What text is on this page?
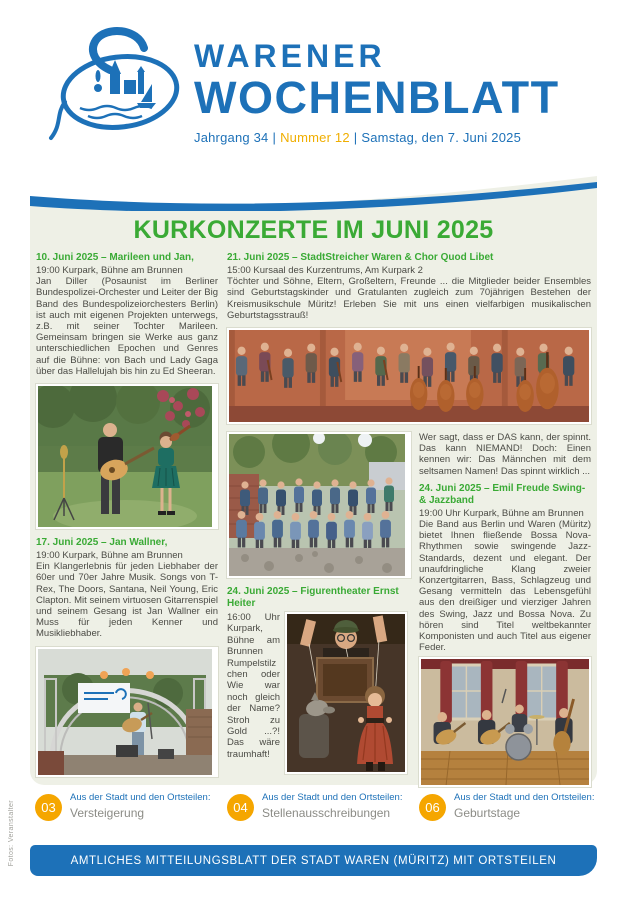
Fotos: Veranstalter
WARENER
WOCHENBLATT
Jahrgang 34 | Nummer 12 | Samstag, den 7. Juni 2025
KURKONZERTE IM JUNI 2025
10. Juni 2025 – Marileen und Jan,
19:00 Kurpark, Bühne am Brunnen
Jan Diller (Posaunist im Berliner Bundespolizei-Orchester und Leiter der Big Band des Bundespolizeiorchesters Berlin) ist auch mit eigenen Projekten unterwegs, z.B. mit seiner Tochter Marileen. Gemeinsam bringen sie Werke aus ganz unterschiedlichen Epochen und Genres auf die Bühne: von Bach und Lady Gaga über das Hallelujah bis hin zu Ed Sheeran.
17. Juni 2025 – Jan Wallner,
19:00 Kurpark, Bühne am Brunnen
Ein Klangerlebnis für jeden Liebhaber der 60er und 70er Jahre Musik. Songs von T-Rex, The Doors, Santana, Neil Young, Eric Clapton. Mit seinem virtuosen Gitarrenspiel und seinem Gesang ist Jan Wallner ein Muss für jeden Kenner und Musikliebhaber.
21. Juni 2025 – StadtStreicher Waren & Chor Quod Libet
15:00 Kursaal des Kurzentrums, Am Kurpark 2
Töchter und Söhne, Eltern, Großeltern, Freunde ... die Mitglieder beider Ensembles sind Geburtstagskinder und Gratulanten zugleich zum 70jährigen Bestehen der Kreismusikschule Müritz! Erleben Sie mit uns einen vielfarbigen musikalischen Geburtstagsstrauß!
24. Juni 2025 – Figurentheater Ernst Heiter
16:00 Uhr Kurpark, Bühne am Brunnen Rumpelstilzchen oder Wie war noch gleich der Name? Stroh zu Gold ...?! Das wäre traumhaft!
Wer sagt, dass er DAS kann, der spinnt. Das kann NIEMAND! Doch: Einen kennen wir: Das Männchen mit dem seltsamen Namen! Das spinnt wirklich ...
24. Juni 2025 – Emil Freude Swing-& Jazzband
19:00 Uhr Kurpark, Bühne am Brunnen
Die Band aus Berlin und Waren (Müritz) bietet Ihnen fließende Bossa Nova-Rhythmen sowie swingende Jazz-Standards, dezent und elegant. Der unaufdringliche Klang zweier Konzertgitarren, Bass, Schlagzeug und Gesang vermitteln das Lebensgefühl aus den dreißiger und vierziger Jahren des Swing, Jazz und Bossa Nova. Zu hören sind Titel weltbekannter Komponisten und auch Titel aus eigener Feder.
03
Aus der Stadt und den Ortsteilen:
Versteigerung	04
Aus der Stadt und den Ortsteilen:
Stellenausschreibungen	06
Aus der Stadt und den Ortsteilen:
Geburtstage
AMTLICHES MITTEILUNGSBLATT DER STADT WAREN (MÜRITZ) MIT ORTSTEILEN
